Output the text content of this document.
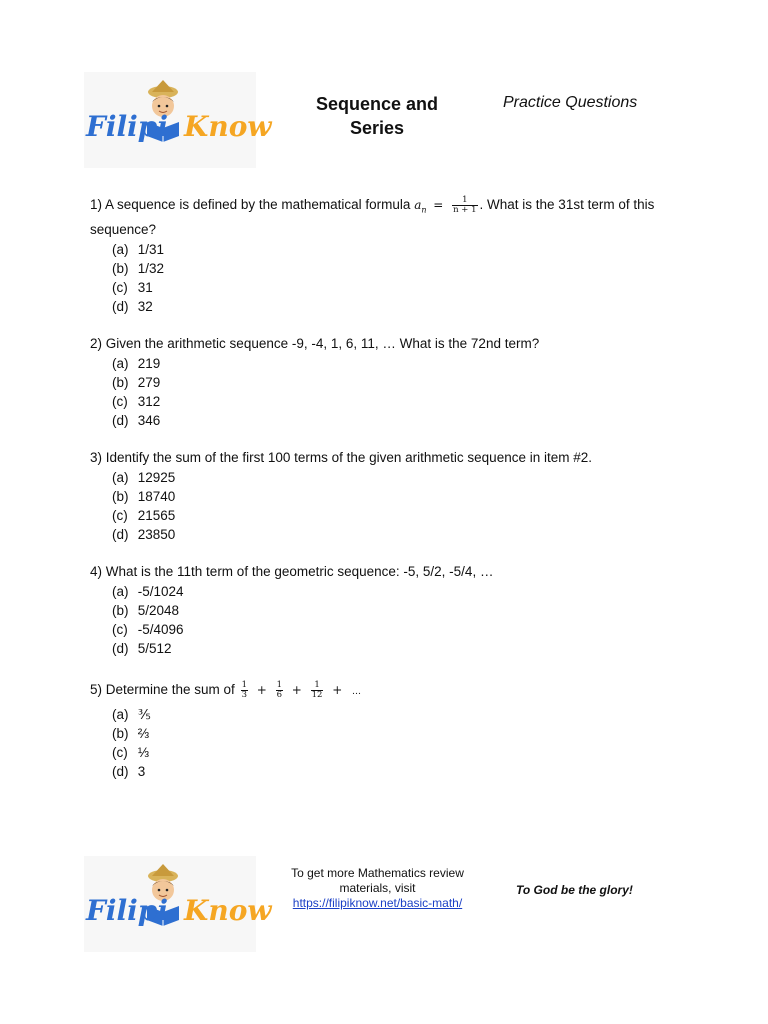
Filipi Know
Sequence and Series
Practice Questions
1) A sequence is defined by the mathematical formula $a_n = \frac{1}{n + 1}$ . What is the 31st term of this sequence?
(a) 1/31
(b) 1/32
(c) 31
(d) 32
2) Given the arithmetic sequence -9, -4, 1, 6, 11, … What is the 72nd term?
(a) 219
(b) 279
(c) 312
(d) 346
3) Identify the sum of the first 100 terms of the given arithmetic sequence in item #2.
(a) 12925
(b) 18740
(c) 21565
(d) 23850
4) What is the 11th term of the geometric sequence: -5, 5/2, -5/4, …
(a) -5/1024
(b) 5/2048
(c) -5/4096
(d) 5/512
5) Determine the sum of $\frac{1}{3} + \frac{1}{6} + \frac{1}{12}$ + …
(a) ⅗
(b) ⅔
(c) ⅓
(d) 3
Filipi Know
To get more Mathematics review materials, visit
https://filipiknow.net/basic-math/
To God be the glory!
